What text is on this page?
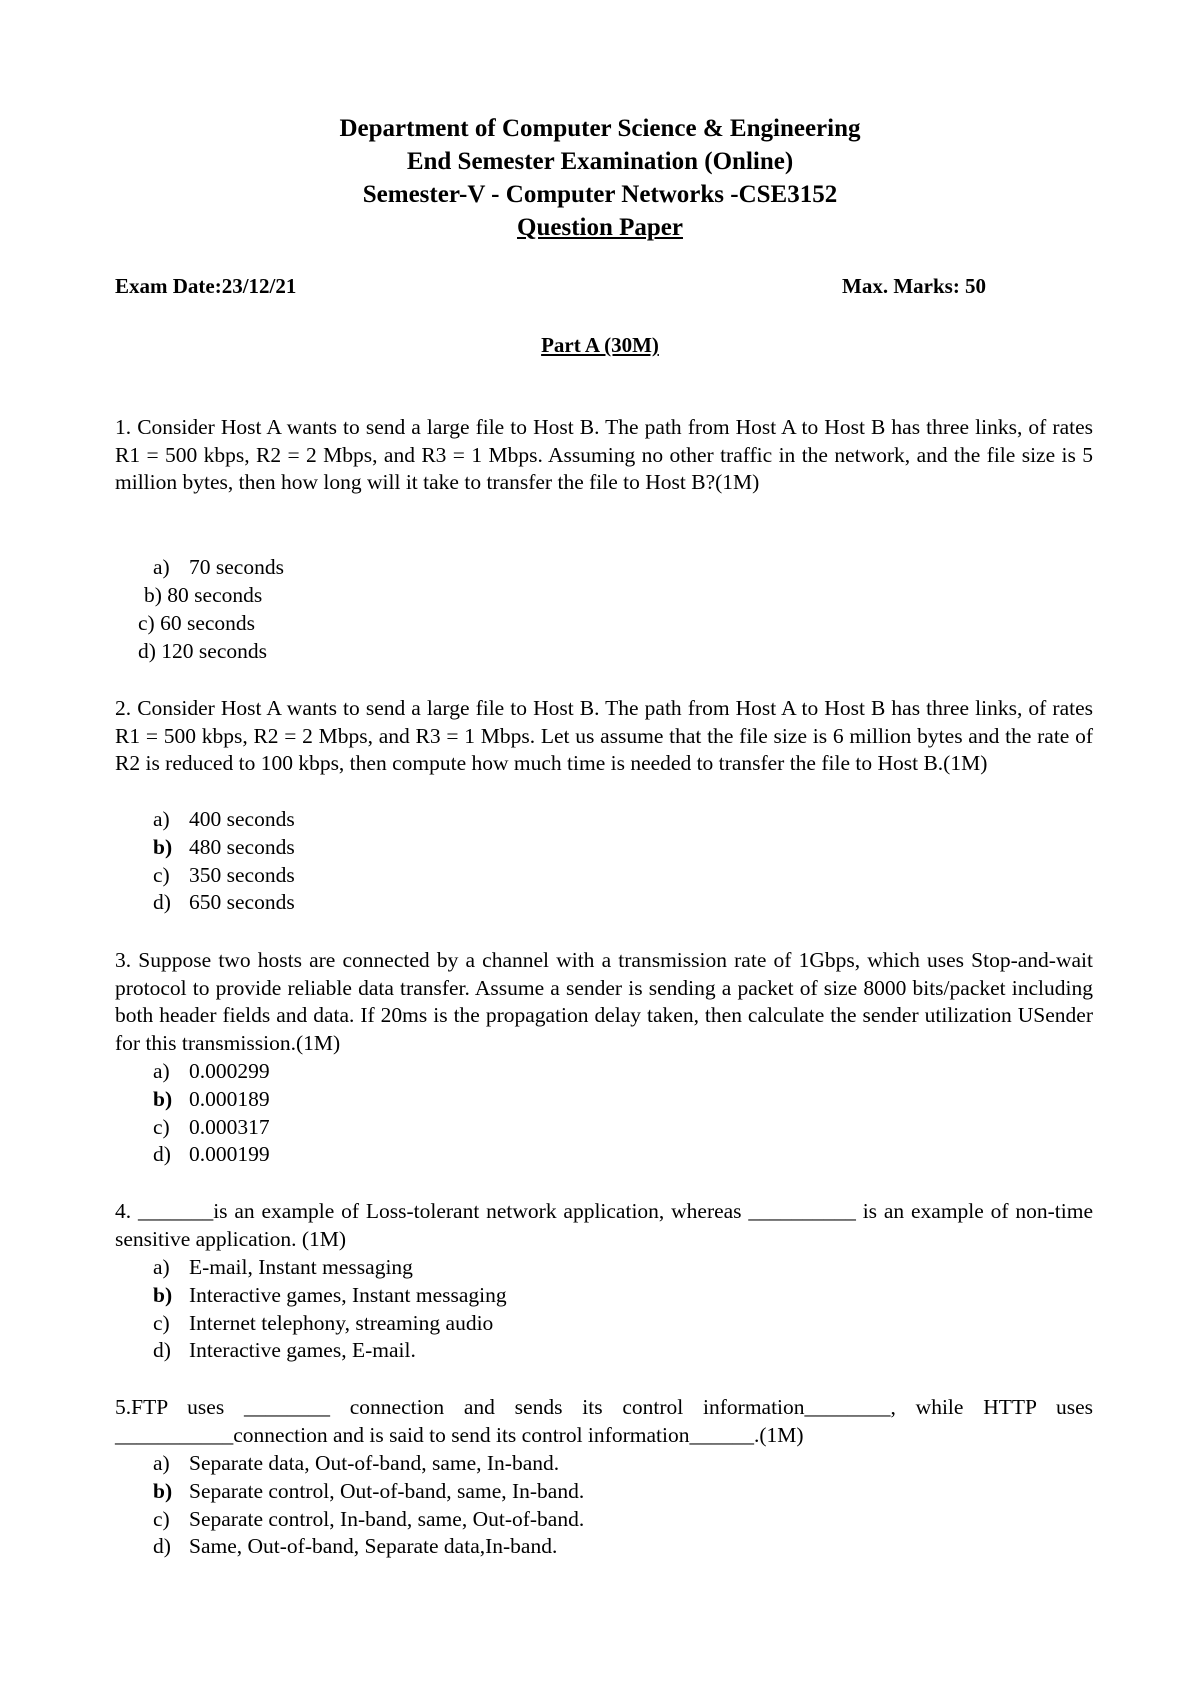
Department of Computer Science & Engineering
End Semester Examination (Online)
Semester-V - Computer Networks -CSE3152
Question Paper
Exam Date:23/12/21	Max. Marks: 50
Part A (30M)
1. Consider Host A wants to send a large file to Host B. The path from Host A to Host B has three links, of rates R1 = 500 kbps, R2 = 2 Mbps, and R3 = 1 Mbps. Assuming no other traffic in the network, and the file size is 5 million bytes, then how long will it take to transfer the file to Host B?(1M)
a) 70 seconds
b) 80 seconds
c) 60 seconds
d) 120 seconds
2. Consider Host A wants to send a large file to Host B. The path from Host A to Host B has three links, of rates R1 = 500 kbps, R2 = 2 Mbps, and R3 = 1 Mbps. Let us assume that the file size is 6 million bytes and the rate of R2 is reduced to 100 kbps, then compute how much time is needed to transfer the file to Host B.(1M)
a) 400 seconds
b) 480 seconds
c) 350 seconds
d) 650 seconds
3. Suppose two hosts are connected by a channel with a transmission rate of 1Gbps, which uses Stop-and-wait protocol to provide reliable data transfer. Assume a sender is sending a packet of size 8000 bits/packet including both header fields and data. If 20ms is the propagation delay taken, then calculate the sender utilization USender for this transmission.(1M)
a) 0.000299
b) 0.000189
c) 0.000317
d) 0.000199
4. _______is an example of Loss-tolerant network application, whereas __________ is an example of non-time sensitive application. (1M)
a) E-mail, Instant messaging
b) Interactive games, Instant messaging
c) Internet telephony, streaming audio
d) Interactive games, E-mail.
5.FTP uses ________ connection and sends its control information________, while HTTP uses ___________connection and is said to send its control information______.(1M)
a) Separate data, Out-of-band, same, In-band.
b) Separate control, Out-of-band, same, In-band.
c) Separate control, In-band, same, Out-of-band.
d) Same, Out-of-band, Separate data,In-band.
